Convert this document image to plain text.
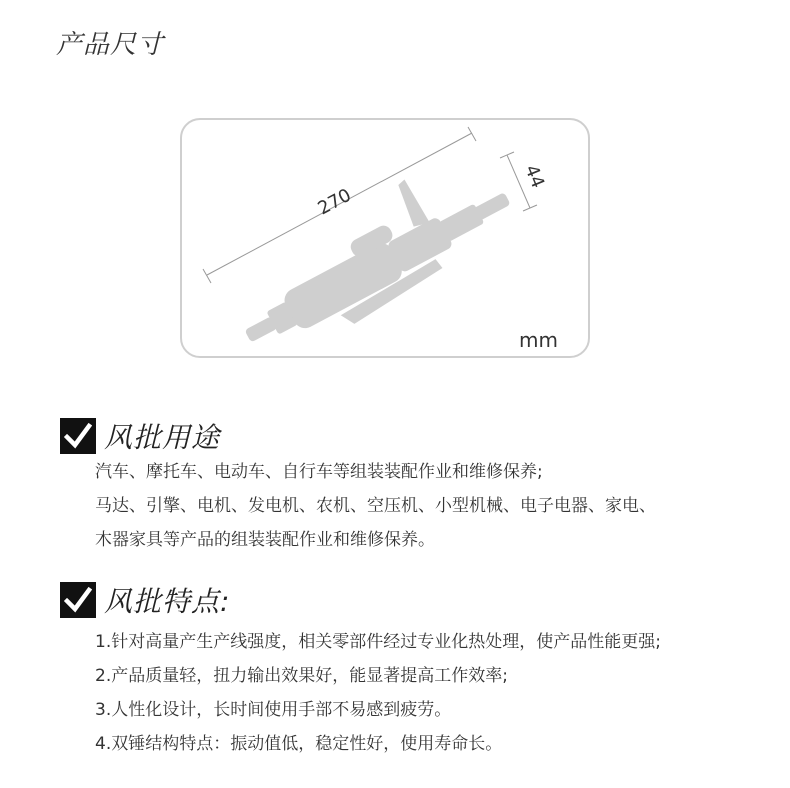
产品尺寸
270
44
mm
风批用途
汽车、摩托车、电动车、自行车等组装装配作业和维修保养;
马达、引擎、电机、发电机、农机、空压机、小型机械、电子电器、家电、
木器家具等产品的组装装配作业和维修保养。
风批特点:
1.针对高量产生产线强度，相关零部件经过专业化热处理，使产品性能更强;
2.产品质量轻，扭力输出效果好，能显著提高工作效率;
3.人性化设计，长时间使用手部不易感到疲劳。
4.双锤结构特点：振动值低，稳定性好，使用寿命长。
